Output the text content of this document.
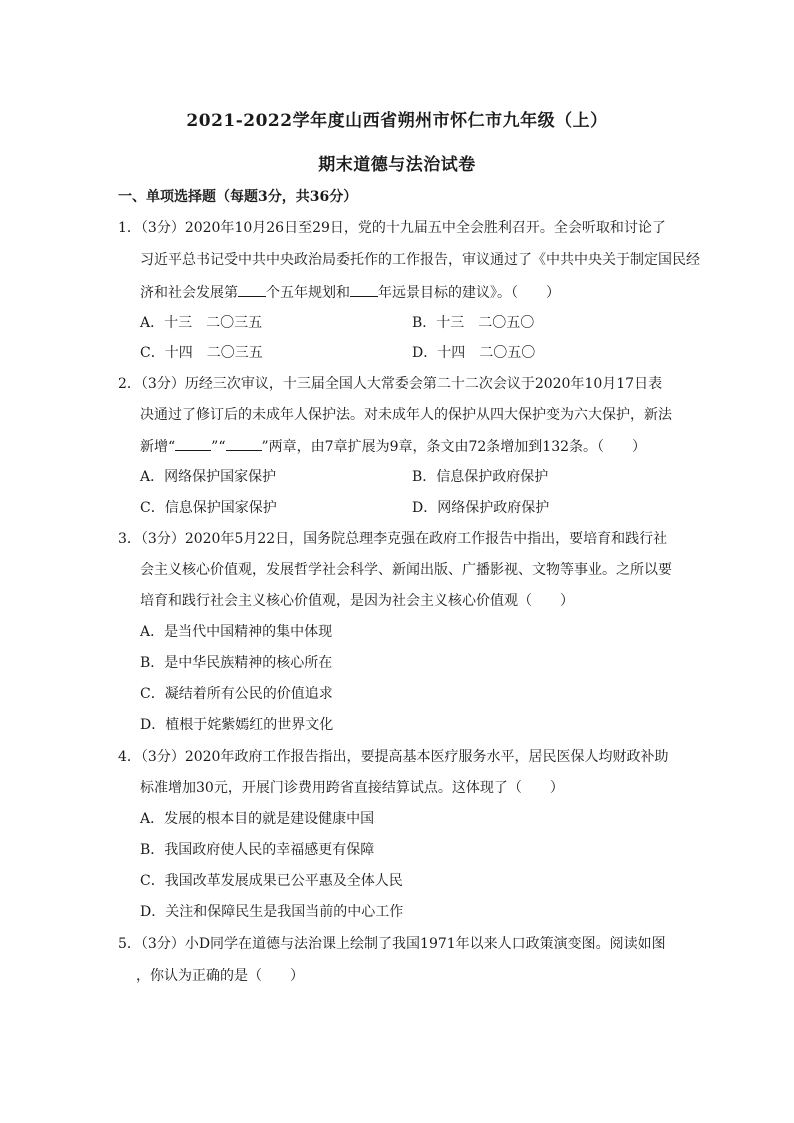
2021-2022学年度山西省朔州市怀仁市九年级（上）
期末道德与法治试卷
一、单项选择题（每题3分，共36分）
1．（3分）2020年10月26日至29日，党的十九届五中全会胜利召开。全会听取和讨论了
习近平总书记受中共中央政治局委托作的工作报告，审议通过了《中共中央关于制定国民经
济和社会发展第 个五年规划和 年远景目标的建议》。（　　）
A．十三　二〇三五	B．十三　二〇五〇
C．十四　二〇三五	D．十四　二〇五〇
2．（3分）历经三次审议，十三届全国人大常委会第二十二次会议于2020年10月17日表
决通过了修订后的未成年人保护法。对未成年人的保护从四大保护变为六大保护，新法
新增“	”“	”两章，由7章扩展为9章，条文由72条增加到132条。（　　）
A．网络保护国家保护	B．信息保护政府保护
C．信息保护国家保护	D．网络保护政府保护
3．（3分）2020年5月22日，国务院总理李克强在政府工作报告中指出，要培育和践行社
会主义核心价值观，发展哲学社会科学、新闻出版、广播影视、文物等事业。之所以要
培育和践行社会主义核心价值观，是因为社会主义核心价值观（　　）
A．是当代中国精神的集中体现
B．是中华民族精神的核心所在
C．凝结着所有公民的价值追求
D．植根于姹紫嫣红的世界文化
4．（3分）2020年政府工作报告指出，要提高基本医疗服务水平，居民医保人均财政补助
标准增加30元，开展门诊费用跨省直接结算试点。这体现了（　　）
A．发展的根本目的就是建设健康中国
B．我国政府使人民的幸福感更有保障
C．我国改革发展成果已公平惠及全体人民
D．关注和保障民生是我国当前的中心工作
5．（3分）小D同学在道德与法治课上绘制了我国1971年以来人口政策演变图。阅读如图
，你认为正确的是（　　）
